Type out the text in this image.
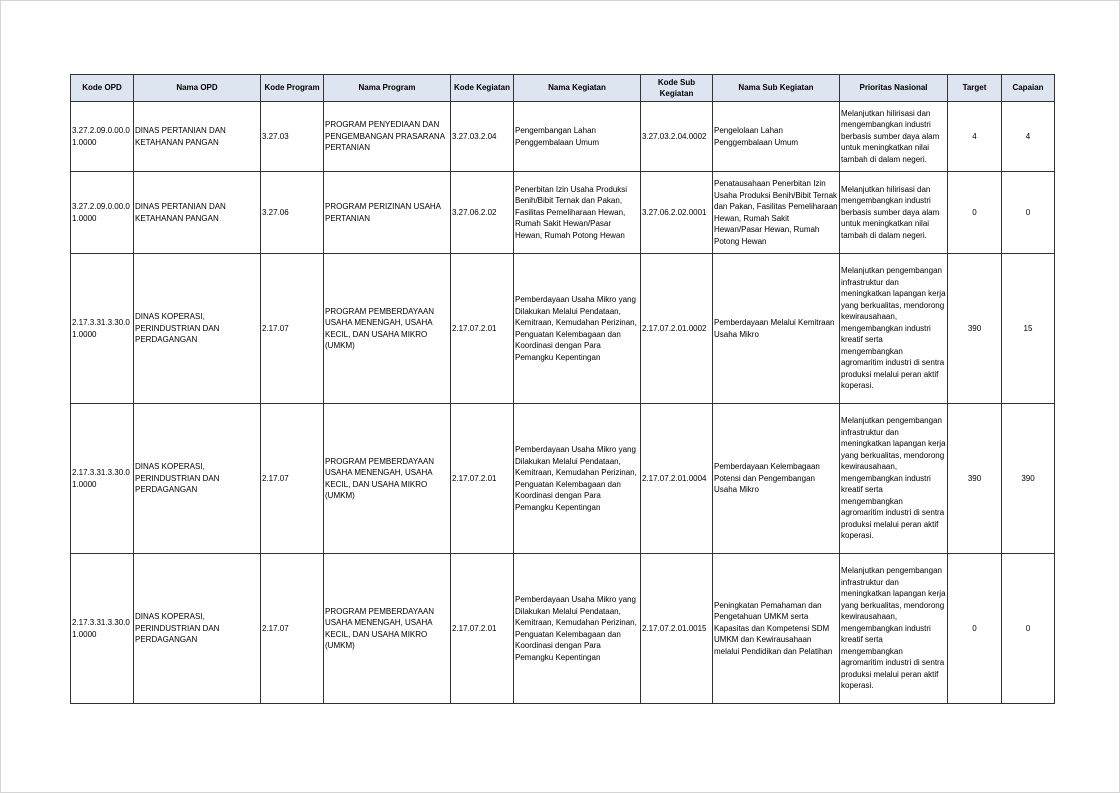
Kode OPD	Nama OPD	Kode Program	Nama Program	Kode Kegiatan	Nama Kegiatan	Kode Sub Kegiatan	Nama Sub Kegiatan	Prioritas Nasional	Target	Capaian
3.27.2.09.0.00.0 1.0000	DINAS PERTANIAN DAN KETAHANAN PANGAN	3.27.03	PROGRAM PENYEDIAAN DAN PENGEMBANGAN PRASARANA PERTANIAN	3.27.03.2.04	Pengembangan Lahan Penggembalaan Umum	3.27.03.2.04.0002	Pengelolaan Lahan Penggembalaan Umum	Melanjutkan hilirisasi dan mengembangkan industri berbasis sumber daya alam untuk meningkatkan nilai tambah di dalam negeri.	4	4
3.27.2.09.0.00.0 1.0000	DINAS PERTANIAN DAN KETAHANAN PANGAN	3.27.06	PROGRAM PERIZINAN USAHA PERTANIAN	3.27.06.2.02	Penerbitan Izin Usaha Produksi Benih/Bibit Ternak dan Pakan, Fasilitas Pemeliharaan Hewan, Rumah Sakit Hewan/Pasar Hewan, Rumah Potong Hewan	3.27.06.2.02.0001	Penatausahaan Penerbitan Izin Usaha Produksi Benih/Bibit Ternak dan Pakan, Fasilitas Pemeliharaan Hewan, Rumah Sakit Hewan/Pasar Hewan, Rumah Potong Hewan	Melanjutkan hilirisasi dan mengembangkan industri berbasis sumber daya alam untuk meningkatkan nilai tambah di dalam negeri.	0	0
2.17.3.31.3.30.0 1.0000	DINAS KOPERASI, PERINDUSTRIAN DAN PERDAGANGAN	2.17.07	PROGRAM PEMBERDAYAAN USAHA MENENGAH, USAHA KECIL, DAN USAHA MIKRO (UMKM)	2.17.07.2.01	Pemberdayaan Usaha Mikro yang Dilakukan Melalui Pendataan, Kemitraan, Kemudahan Perizinan, Penguatan Kelembagaan dan Koordinasi dengan Para Pemangku Kepentingan	2.17.07.2.01.0002	Pemberdayaan Melalui Kemitraan Usaha Mikro	Melanjutkan pengembangan infrastruktur dan meningkatkan lapangan kerja yang berkualitas, mendorong kewirausahaan, mengembangkan industri kreatif serta mengembangkan agromaritim industri di sentra produksi melalui peran aktif koperasi.	390	15
2.17.3.31.3.30.0 1.0000	DINAS KOPERASI, PERINDUSTRIAN DAN PERDAGANGAN	2.17.07	PROGRAM PEMBERDAYAAN USAHA MENENGAH, USAHA KECIL, DAN USAHA MIKRO (UMKM)	2.17.07.2.01	Pemberdayaan Usaha Mikro yang Dilakukan Melalui Pendataan, Kemitraan, Kemudahan Perizinan, Penguatan Kelembagaan dan Koordinasi dengan Para Pemangku Kepentingan	2.17.07.2.01.0004	Pemberdayaan Kelembagaan Potensi dan Pengembangan Usaha Mikro	Melanjutkan pengembangan infrastruktur dan meningkatkan lapangan kerja yang berkualitas, mendorong kewirausahaan, mengembangkan industri kreatif serta mengembangkan agromaritim industri di sentra produksi melalui peran aktif koperasi.	390	390
2.17.3.31.3.30.0 1.0000	DINAS KOPERASI, PERINDUSTRIAN DAN PERDAGANGAN	2.17.07	PROGRAM PEMBERDAYAAN USAHA MENENGAH, USAHA KECIL, DAN USAHA MIKRO (UMKM)	2.17.07.2.01	Pemberdayaan Usaha Mikro yang Dilakukan Melalui Pendataan, Kemitraan, Kemudahan Perizinan, Penguatan Kelembagaan dan Koordinasi dengan Para Pemangku Kepentingan	2.17.07.2.01.0015	Peningkatan Pemahaman dan Pengetahuan UMKM serta Kapasitas dan Kompetensi SDM UMKM dan Kewirausahaan melalui Pendidikan dan Pelatihan	Melanjutkan pengembangan infrastruktur dan meningkatkan lapangan kerja yang berkualitas, mendorong kewirausahaan, mengembangkan industri kreatif serta mengembangkan agromaritim industri di sentra produksi melalui peran aktif koperasi.	0	0
